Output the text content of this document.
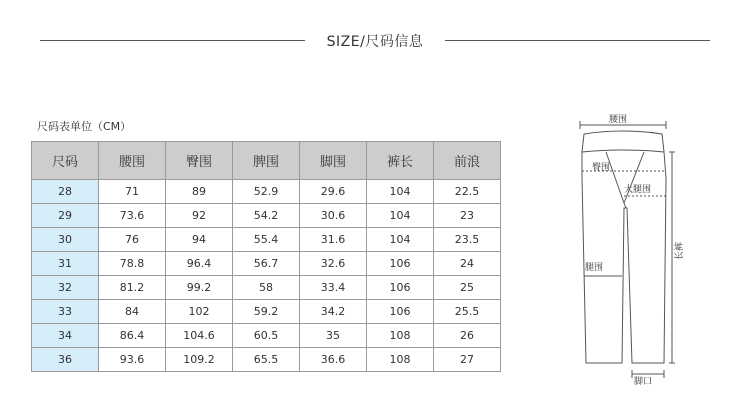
SIZE/尺码信息
尺码表单位（CM）
尺码	腰围	臀围	脾围	脚围	裤长	前浪
28	71	89	52.9	29.6	104	22.5
29	73.6	92	54.2	30.6	104	23
30	76	94	55.4	31.6	104	23.5
31	78.8	96.4	56.7	32.6	106	24
32	81.2	99.2	58	33.4	106	25
33	84	102	59.2	34.2	106	25.5
34	86.4	104.6	60.5	35	108	26
36	93.6	109.2	65.5	36.6	108	27
腰围
臀围
大腿围
腿围
脚口
长裤
